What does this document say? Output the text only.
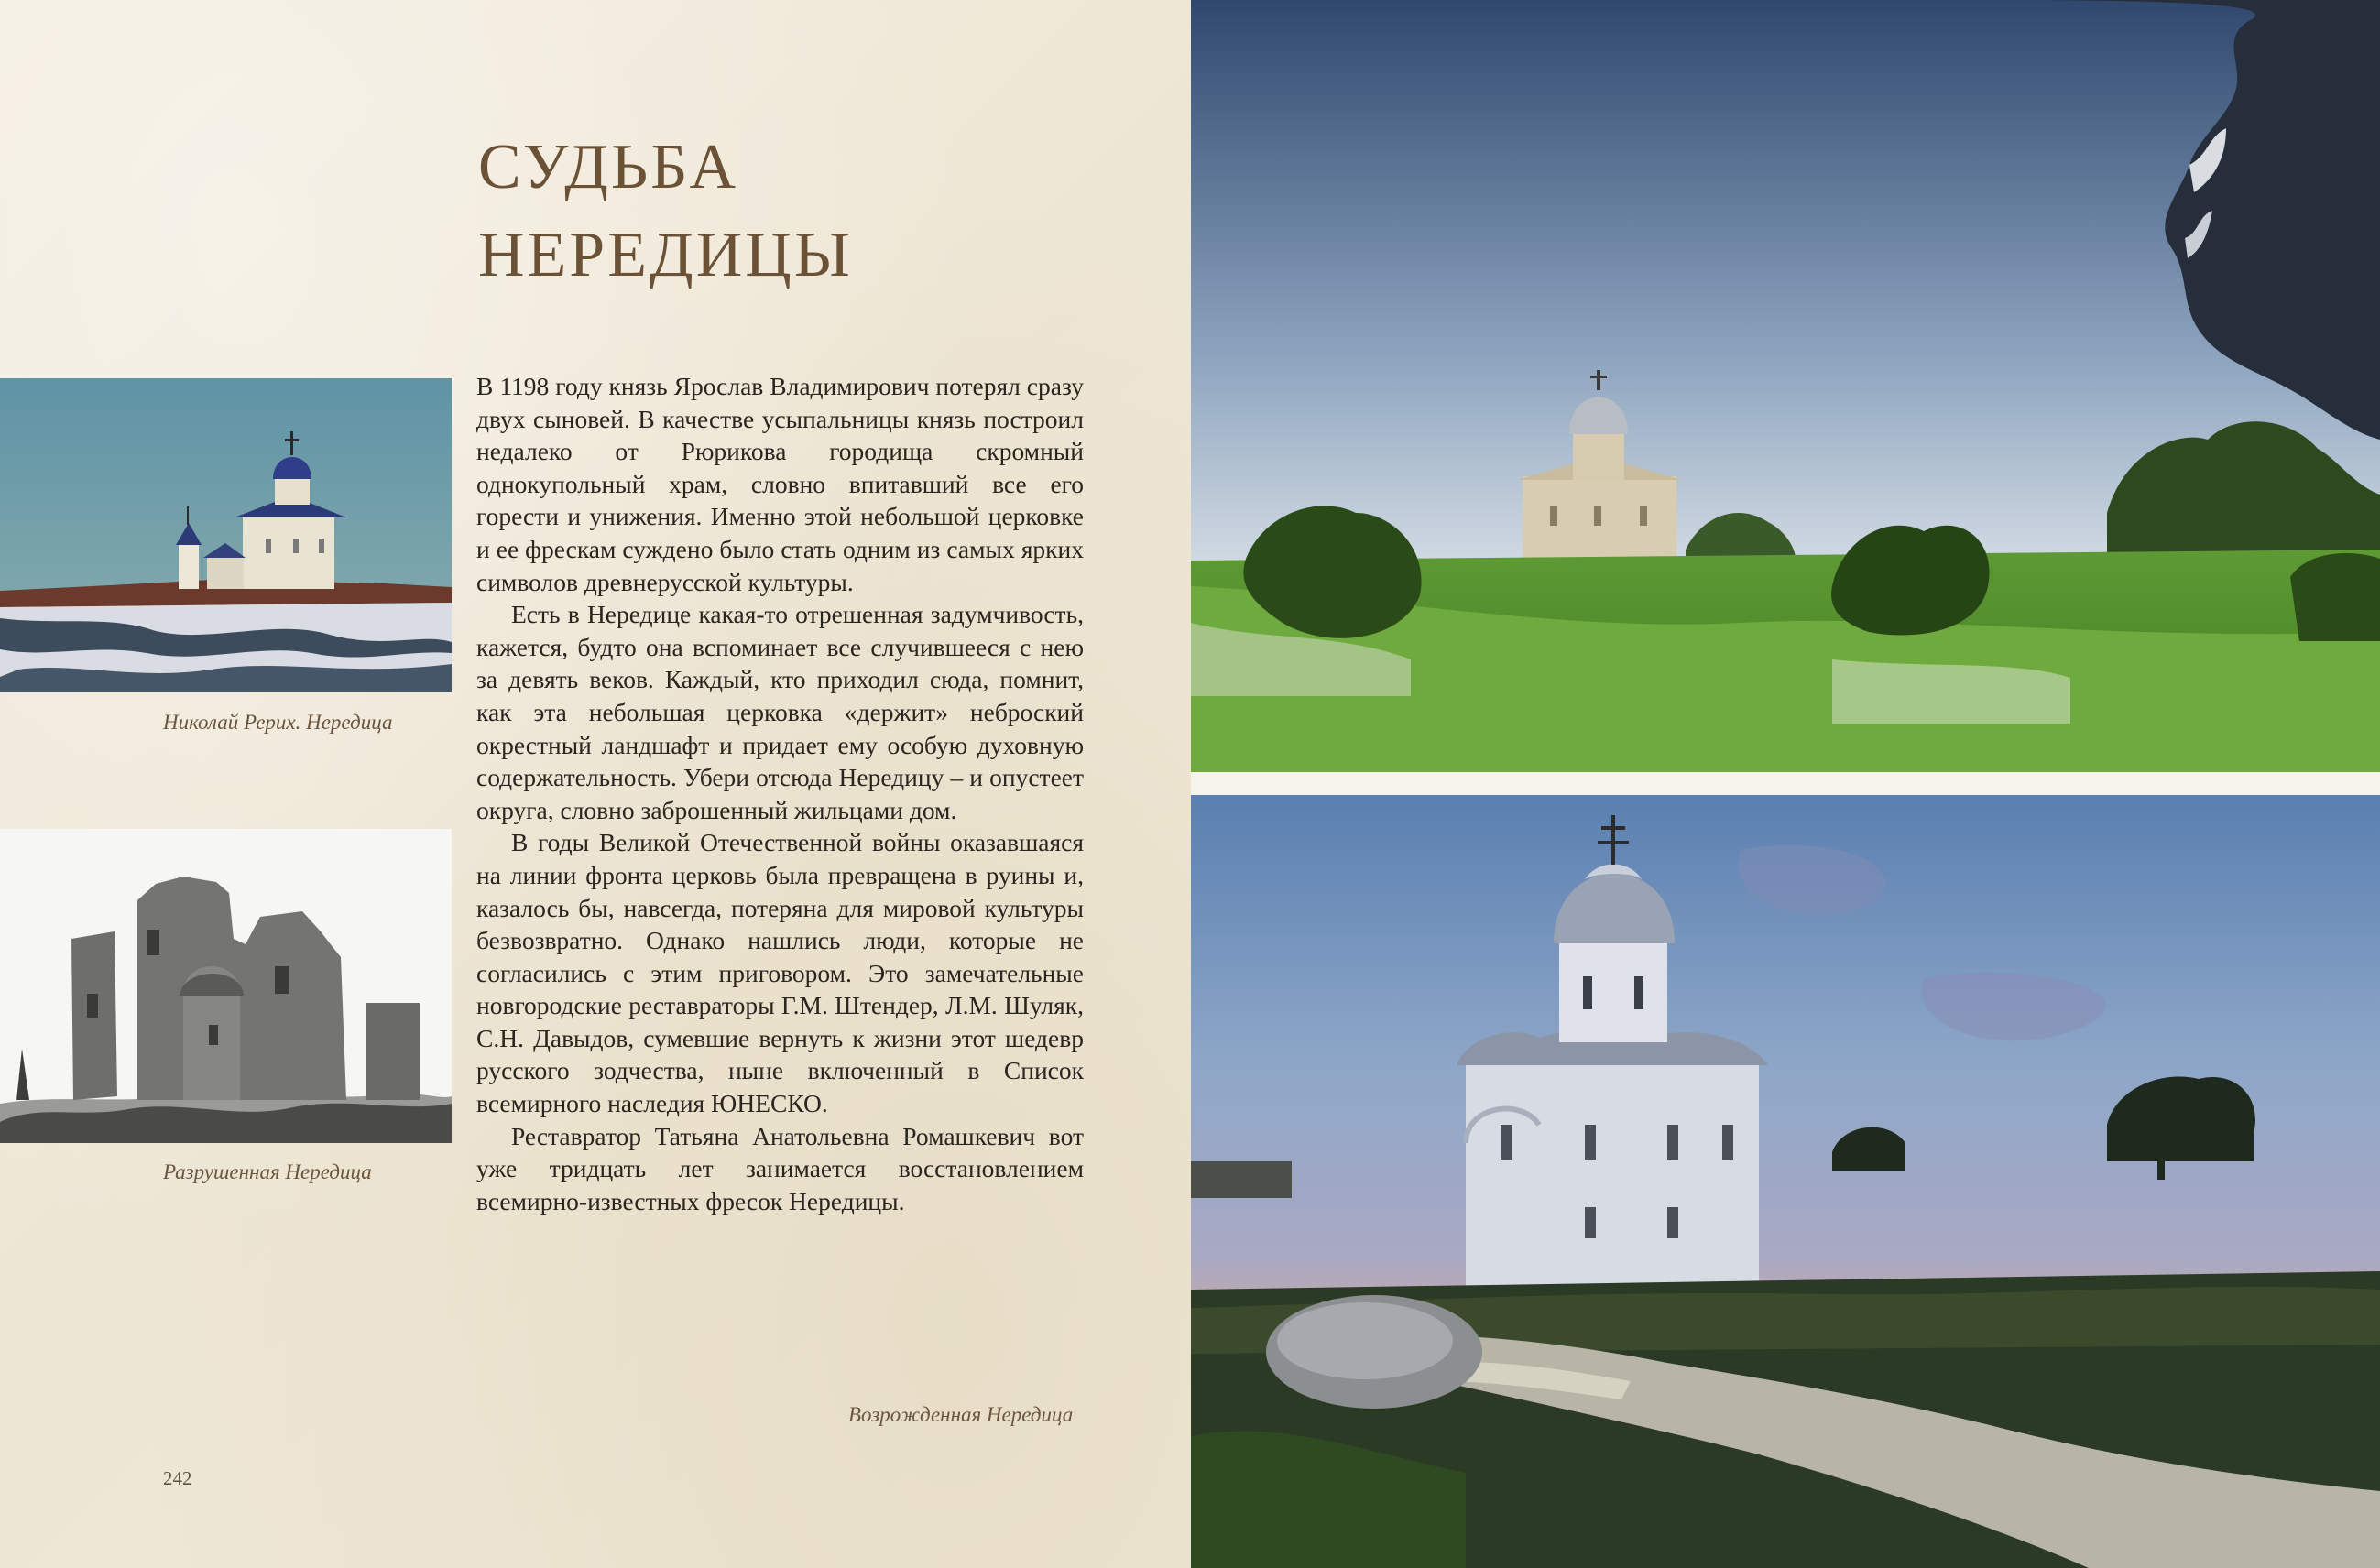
СУДЬБА
НЕРЕДИЦЫ

Николай Рерих. Нередица

Разрушенная Нередица

В 1198 году князь Ярослав Владимирович потерял сразу двух сыновей. В качестве усыпальницы князь построил недалеко от Рюрикова городища скромный однокупольный храм, словно впитавший все его горести и унижения. Именно этой небольшой церковке и ее фрескам суждено было стать одним из самых ярких символов древнерусской культуры.

Есть в Нередице какая-то отрешенная задумчивость, кажется, будто она вспоминает все случившееся с нею за девять веков. Каждый, кто приходил сюда, помнит, как эта небольшая церковка «держит» неброский окрестный ландшафт и придает ему особую духовную содержательность. Убери отсюда Нередицу – и опустеет округа, словно заброшенный жильцами дом.

В годы Великой Отечественной войны оказавшаяся на линии фронта церковь была превращена в руины и, казалось бы, навсегда, потеряна для мировой культуры безвозвратно. Однако нашлись люди, которые не согласились с этим приговором. Это замечательные новгородские реставраторы Г.М. Штендер, Л.М. Шуляк, С.Н. Давыдов, сумевшие вернуть к жизни этот шедевр русского зодчества, ныне включенный в Список всемирного наследия ЮНЕСКО.

Реставратор Татьяна Анатольевна Ромашкевич вот уже тридцать лет занимается восстановлением всемирно-известных фресок Нередицы.

Возрожденная Нередица

242
